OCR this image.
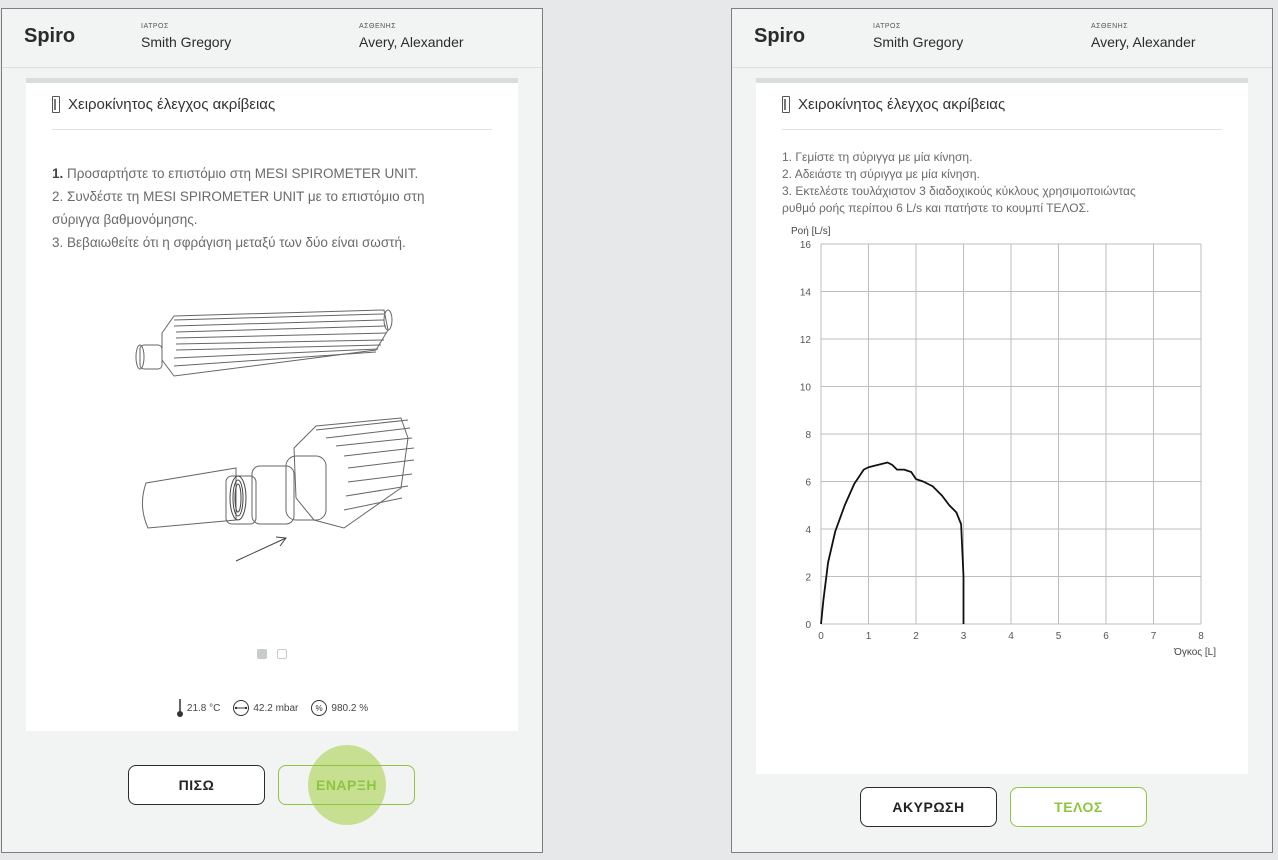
Spiro	ΙΑΤΡΟΣ
Smith Gregory
ΑΣΘΕΝΗΣ
Avery, Alexander
Χειροκίνητος έλεγχος ακρίβειας
1. Προσαρτήστε το επιστόμιο στη MESI SPIROMETER UNIT.
2. Συνδέστε τη MESI SPIROMETER UNIT με το επιστόμιο στη
σύριγγα βαθμονόμησης.
3. Βεβαιωθείτε ότι η σφράγιση μεταξύ των δύο είναι σωστή.

21.8 °C	42.2 mbar % 980.2 %
ΠΙΣΩ	ΕΝΑΡΞΗ
Spiro	ΙΑΤΡΟΣ
Smith Gregory
ΑΣΘΕΝΗΣ
Avery, Alexander
Χειροκίνητος έλεγχος ακρίβειας
1. Γεμίστε τη σύριγγα με μία κίνηση.
2. Αδειάστε τη σύριγγα με μία κίνηση.
3. Εκτελέστε τουλάχιστον 3 διαδοχικούς κύκλους χρησιμοποιώντας
ρυθμό ροής περίπου 6 L/s και πατήστε το κουμπί ΤΕΛΟΣ.
0	1	2	3	4	5	6	7	8
0
2
4
6
8
10
12
14
16
Ροή [L/s]
Όγκος [L]
ΑΚΥΡΩΣΗ	ΤΕΛΟΣ
